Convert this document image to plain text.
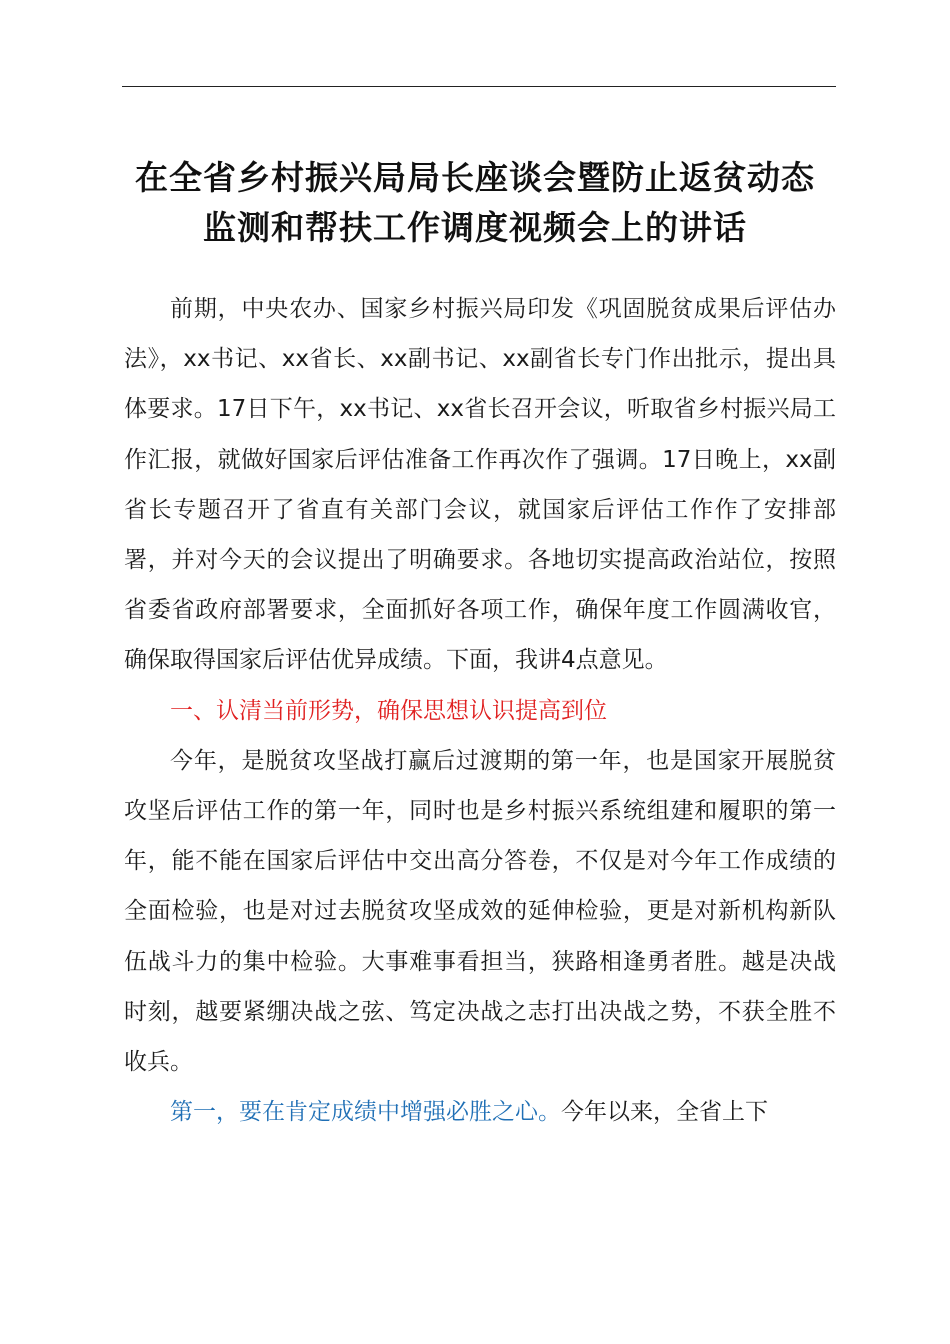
在全省乡村振兴局局长座谈会暨防止返贫动态
监测和帮扶工作调度视频会上的讲话

前期，中央农办、国家乡村振兴局印发《巩固脱贫成果后评估办法》，xx书记、xx省长、xx副书记、xx副省长专门作出批示，提出具体要求。17日下午，xx书记、xx省长召开会议，听取省乡村振兴局工作汇报，就做好国家后评估准备工作再次作了强调。17日晚上，xx副省长专题召开了省直有关部门会议，就国家后评估工作作了安排部署，并对今天的会议提出了明确要求。各地切实提高政治站位，按照省委省政府部署要求，全面抓好各项工作，确保年度工作圆满收官，确保取得国家后评估优异成绩。下面，我讲4点意见。

一、认清当前形势，确保思想认识提高到位

今年，是脱贫攻坚战打赢后过渡期的第一年，也是国家开展脱贫攻坚后评估工作的第一年，同时也是乡村振兴系统组建和履职的第一年，能不能在国家后评估中交出高分答卷，不仅是对今年工作成绩的全面检验，也是对过去脱贫攻坚成效的延伸检验，更是对新机构新队伍战斗力的集中检验。大事难事看担当，狭路相逢勇者胜。越是决战时刻，越要紧绷决战之弦、笃定决战之志打出决战之势，不获全胜不收兵。

第一，要在肯定成绩中增强必胜之心。今年以来，全省上下
